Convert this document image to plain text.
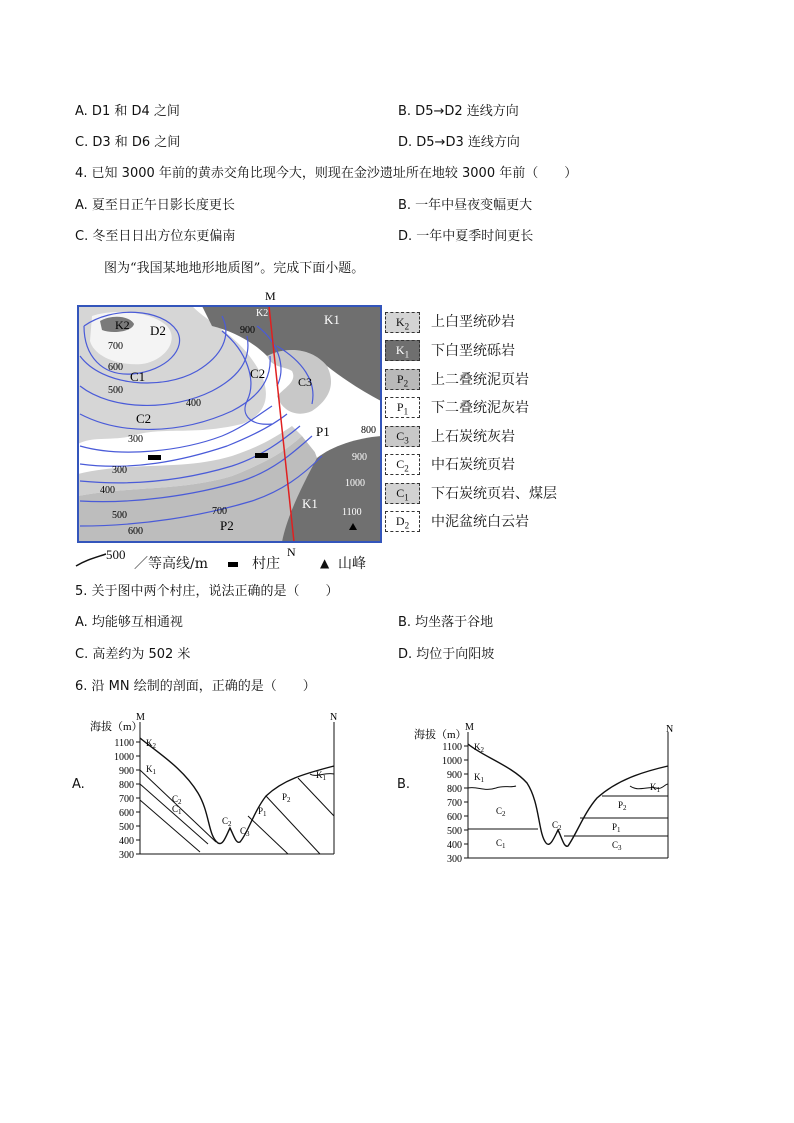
A. D1 和 D4 之间	B. D5→D2 连线方向
C. D3 和 D6 之间	D. D5→D3 连线方向
4. 已知 3000 年前的黄赤交角比现今大，则现在金沙遗址所在地较 3000 年前（　　）
A. 夏至日正午日影长度更长	B. 一年中昼夜变幅更大
C. 冬至日日出方位东更偏南	D. 一年中夏季时间更长
图为“我国某地地形地质图”。完成下面小题。
M
N
K2 D2
K2	K1
C1
C2
C2
C3
P1
K1
P2
700
600
500
400
300
300
400
500
600
700
900
800
900
1000
1100
$K_2$	上白垩统砂岩
$K_1$	下白垩统砾岩
$P_2$	上二叠统泥页岩
$P_1$	下二叠统泥灰岩
$C_3$	上石炭统灰岩
$C_2$	中石炭统页岩
$C_1$	下石炭统页岩、煤层
$D_2$	中泥盆统白云岩
500
／等高线/m	村庄	▲ 山峰
5. 关于图中两个村庄，说法正确的是（　　）
A. 均能够互相通视	B. 均坐落于谷地
C. 高差约为 502 米	D. 均位于向阳坡
6. 沿 MN 绘制的剖面，正确的是（　　）
A.	B.
海拔（m）
M	N
1100
1000
900
800
700
600
500
400
300
$K_2$
$K_1$
$C_2$
$C_1$
$C_2$
$C_3$
$P_1$
$P_2$
$K_1$
海拔（m）
M	N
1100
1000
900
800
700
600
500
400
300
$K_2$
$K_1$
$C_2$
$C_1$
$C_2$
$C_3$
$P_1$
$P_2$
$K_1$
